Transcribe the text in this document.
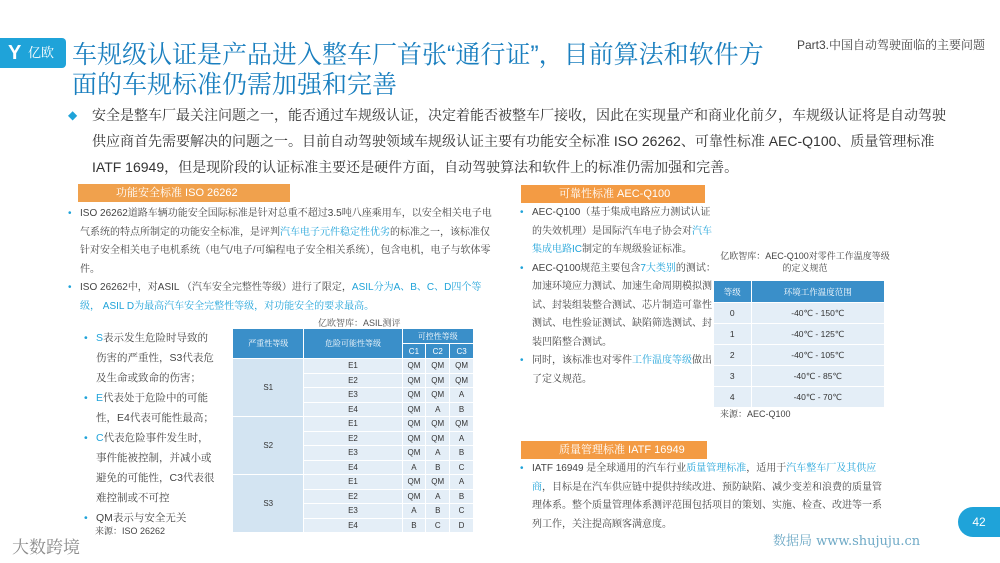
Y 亿欧 车规级认证是产品进入整车厂首张“通行证”，目前算法和软件方面的车规标准仍需加强和完善
Part3.中国自动驾驶面临的主要问题
◆ 安全是整车厂最关注问题之一，能否通过车规级认证，决定着能否被整车厂接收，因此在实现量产和商业化前夕，车规级认证将是自动驾驶供应商首先需要解决的问题之一。目前自动驾驶领域车规级认证主要有功能安全标准 ISO 26262、可靠性标准 AEC-Q100、质量管理标准 IATF 16949，但是现阶段的认证标准主要还是硬件方面，自动驾驶算法和软件上的标准仍需加强和完善。

功能安全标准 ISO 26262
• ISO 26262道路车辆功能安全国际标准是针对总重不超过3.5吨八座乘用车，以安全相关电子电气系统的特点所制定的功能安全标准，是评判汽车电子元件稳定性优劣的标准之一，该标准仅针对安全相关电子电机系统（电气/电子/可编程电子安全相关系统），包含电机，电子与软体零件。
• ISO 26262中，对ASIL （汽车安全完整性等级）进行了限定，ASIL分为A、B、C、D四个等级， ASIL D为最高汽车安全完整性等级，对功能安全的要求最高。
• S表示发生危险时导致的伤害的严重性，S3代表危及生命或致命的伤害；
• E代表处于危险中的可能性，E4代表可能性最高；
• C代表危险事件发生时，事件能被控制，并减小或避免的可能性，C3代表很难控制或不可控
• QM表示与安全无关
来源：ISO 26262
亿欧智库：ASIL测评
严重性等级	危险可能性等级	可控性等级		
		C1	C2	C3
S1	E1	QM	QM	QM
	E2	QM	QM	QM
	E3	QM	QM	A
	E4	QM	A	B
S2	E1	QM	QM	QM
	E2	QM	QM	A
	E3	QM	A	B
	E4	A	B	C
S3	E1	QM	QM	A
	E2	QM	A	B
	E3	A	B	C
	E4	B	C	D
可靠性标准 AEC-Q100
• AEC-Q100（基于集成电路应力测试认证的失效机理）是国际汽车电子协会对汽车集成电路IC制定的车规级验证标准。
• AEC-Q100规范主要包含7大类别的测试：加速环境应力测试、加速生命周期模拟测试、封装组装整合测试、芯片制造可靠性测试、电性验证测试、缺陷筛选测试、封装凹陷整合测试。
• 同时，该标准也对零件工作温度等级做出了定义规范。
亿欧智库：AEC-Q100对零件工作温度等级的定义规范
等级	环境工作温度范围
0	-40℃ - 150℃
1	-40℃ - 125℃
2	-40℃ - 105℃
3	-40℃ - 85℃
4	-40℃ - 70℃
来源：AEC-Q100
质量管理标准 IATF 16949
• IATF 16949 是全球通用的汽车行业质量管理标准，适用于汽车整车厂及其供应商，目标是在汽车供应链中提供持续改进、预防缺陷、减少变差和浪费的质量管理体系。整个质量管理体系测评范围包括项目的策划、实施、检查、改进等一系列工作，关注提高顾客满意度。	42
大数跨境	数据局 www.shujuju.cn
